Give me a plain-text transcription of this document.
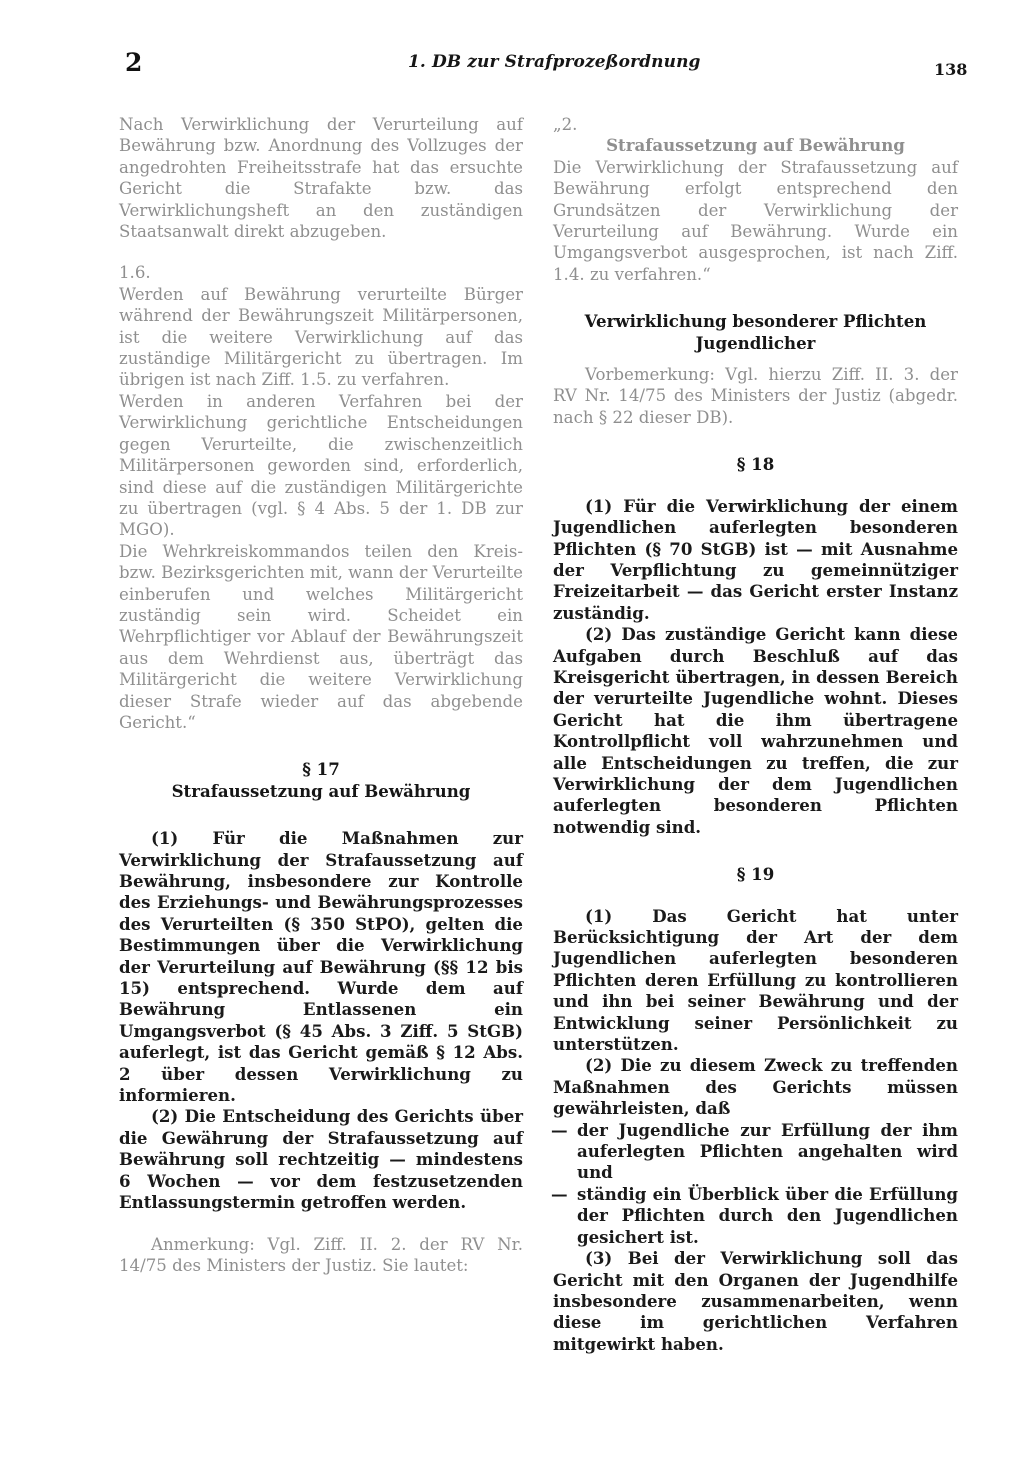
2	1. DB zur Strafprozeßordnung	138

Nach Verwirklichung der Verurteilung auf Bewährung bzw. Anordnung des Vollzuges der angedrohten Freiheitsstrafe hat das ersuchte Gericht die Strafakte bzw. das Verwirklichungsheft an den zuständigen Staatsanwalt direkt abzugeben.

1.6.

Werden auf Bewährung verurteilte Bürger während der Bewährungszeit Militärpersonen, ist die weitere Verwirklichung auf das zuständige Militärgericht zu übertragen. Im übrigen ist nach Ziff. 1.5. zu verfahren.

Werden in anderen Verfahren bei der Verwirklichung gerichtliche Entscheidungen gegen Verurteilte, die zwischenzeitlich Militärpersonen geworden sind, erforderlich, sind diese auf die zuständigen Militärgerichte zu übertragen (vgl. § 4 Abs. 5 der 1. DB zur MGO).

Die Wehrkreiskommandos teilen den Kreis- bzw. Bezirksgerichten mit, wann der Verurteilte einberufen und welches Militärgericht zuständig sein wird. Scheidet ein Wehrpflichtiger vor Ablauf der Bewährungszeit aus dem Wehrdienst aus, überträgt das Militärgericht die weitere Verwirklichung dieser Strafe wieder auf das abgebende Gericht.“

§ 17

Strafaussetzung auf Bewährung

(1) Für die Maßnahmen zur Verwirklichung der Strafaussetzung auf Bewährung, insbesondere zur Kontrolle des Erziehungs- und Bewährungsprozesses des Verurteilten (§ 350 StPO), gelten die Bestimmungen über die Verwirklichung der Verurteilung auf Bewährung (§§ 12 bis 15) entsprechend. Wurde dem auf Bewährung Entlassenen ein Umgangsverbot (§ 45 Abs. 3 Ziff. 5 StGB) auferlegt, ist das Gericht gemäß § 12 Abs. 2 über dessen Verwirklichung zu informieren.

(2) Die Entscheidung des Gerichts über die Gewährung der Strafaussetzung auf Bewährung soll rechtzeitig — mindestens 6 Wochen — vor dem festzusetzenden Entlassungstermin getroffen werden.

Anmerkung: Vgl. Ziff. II. 2. der RV Nr. 14/75 des Ministers der Justiz. Sie lautet:

„2.

Strafaussetzung auf Bewährung

Die Verwirklichung der Strafaussetzung auf Bewährung erfolgt entsprechend den Grundsätzen der Verwirklichung der Verurteilung auf Bewährung. Wurde ein Umgangsverbot ausgesprochen, ist nach Ziff. 1.4. zu verfahren.“

Verwirklichung besonderer Pflichten Jugendlicher

Vorbemerkung: Vgl. hierzu Ziff. II. 3. der RV Nr. 14/75 des Ministers der Justiz (abgedr. nach § 22 dieser DB).

§ 18

(1) Für die Verwirklichung der einem Jugendlichen auferlegten besonderen Pflichten (§ 70 StGB) ist — mit Ausnahme der Verpflichtung zu gemeinnütziger Freizeitarbeit — das Gericht erster Instanz zuständig.

(2) Das zuständige Gericht kann diese Aufgaben durch Beschluß auf das Kreisgericht übertragen, in dessen Bereich der verurteilte Jugendliche wohnt. Dieses Gericht hat die ihm übertragene Kontrollpflicht voll wahrzunehmen und alle Entscheidungen zu treffen, die zur Verwirklichung der dem Jugendlichen auferlegten besonderen Pflichten notwendig sind.

§ 19

(1) Das Gericht hat unter Berücksichtigung der Art der dem Jugendlichen auferlegten besonderen Pflichten deren Erfüllung zu kontrollieren und ihn bei seiner Bewährung und der Entwicklung seiner Persönlichkeit zu unterstützen.

(2) Die zu diesem Zweck zu treffenden Maßnahmen des Gerichts müssen gewährleisten, daß

— der Jugendliche zur Erfüllung der ihm auferlegten Pflichten angehalten wird und
— ständig ein Überblick über die Erfüllung der Pflichten durch den Jugendlichen gesichert ist.

(3) Bei der Verwirklichung soll das Gericht mit den Organen der Jugendhilfe insbesondere zusammenarbeiten, wenn diese im gerichtlichen Verfahren mitgewirkt haben.
